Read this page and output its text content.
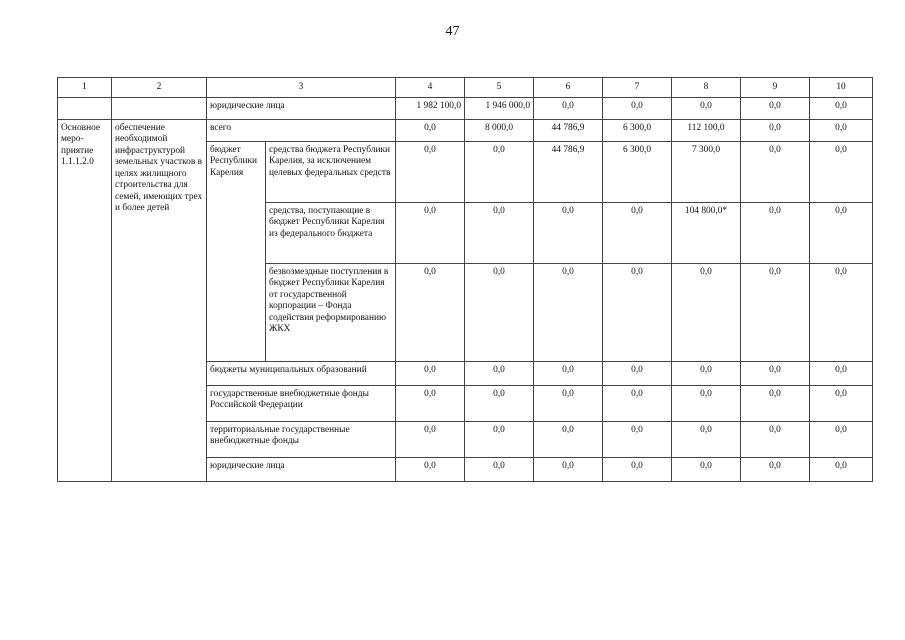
47
1	2	3		4	5	6	7	8	9	10
		юридические лица		1 982 100,0	1 946 000,0	0,0	0,0	0,0	0,0	0,0
Основное меро-приятие 1.1.1.2.0	обеспечение необходимой инфраструктурой земельных участков в целях жилищного строительства для семей, имеющих трех и более детей	всего		0,0	8 000,0	44 786,9	6 300,0	112 100,0	0,0	0,0
		бюджет Республики Карелия	средства бюджета Республики Карелия, за исключением целевых федеральных средств	0,0	0,0	44 786,9	6 300,0	7 300,0	0,0	0,0
			средства, поступающие в бюджет Республики Карелия из федерального бюджета	0,0	0,0	0,0	0,0	104 800,0*	0,0	0,0
			безвозмездные поступления в бюджет Республики Карелия от государственной корпорации – Фонда содействия реформированию ЖКХ	0,0	0,0	0,0	0,0	0,0	0,0	0,0
		бюджеты муниципальных образований		0,0	0,0	0,0	0,0	0,0	0,0	0,0
		государственные внебюджетные фонды Российской Федерации		0,0	0,0	0,0	0,0	0,0	0,0	0,0
		территориальные государственные внебюджетные фонды		0,0	0,0	0,0	0,0	0,0	0,0	0,0
		юридические лица		0,0	0,0	0,0	0,0	0,0	0,0	0,0
